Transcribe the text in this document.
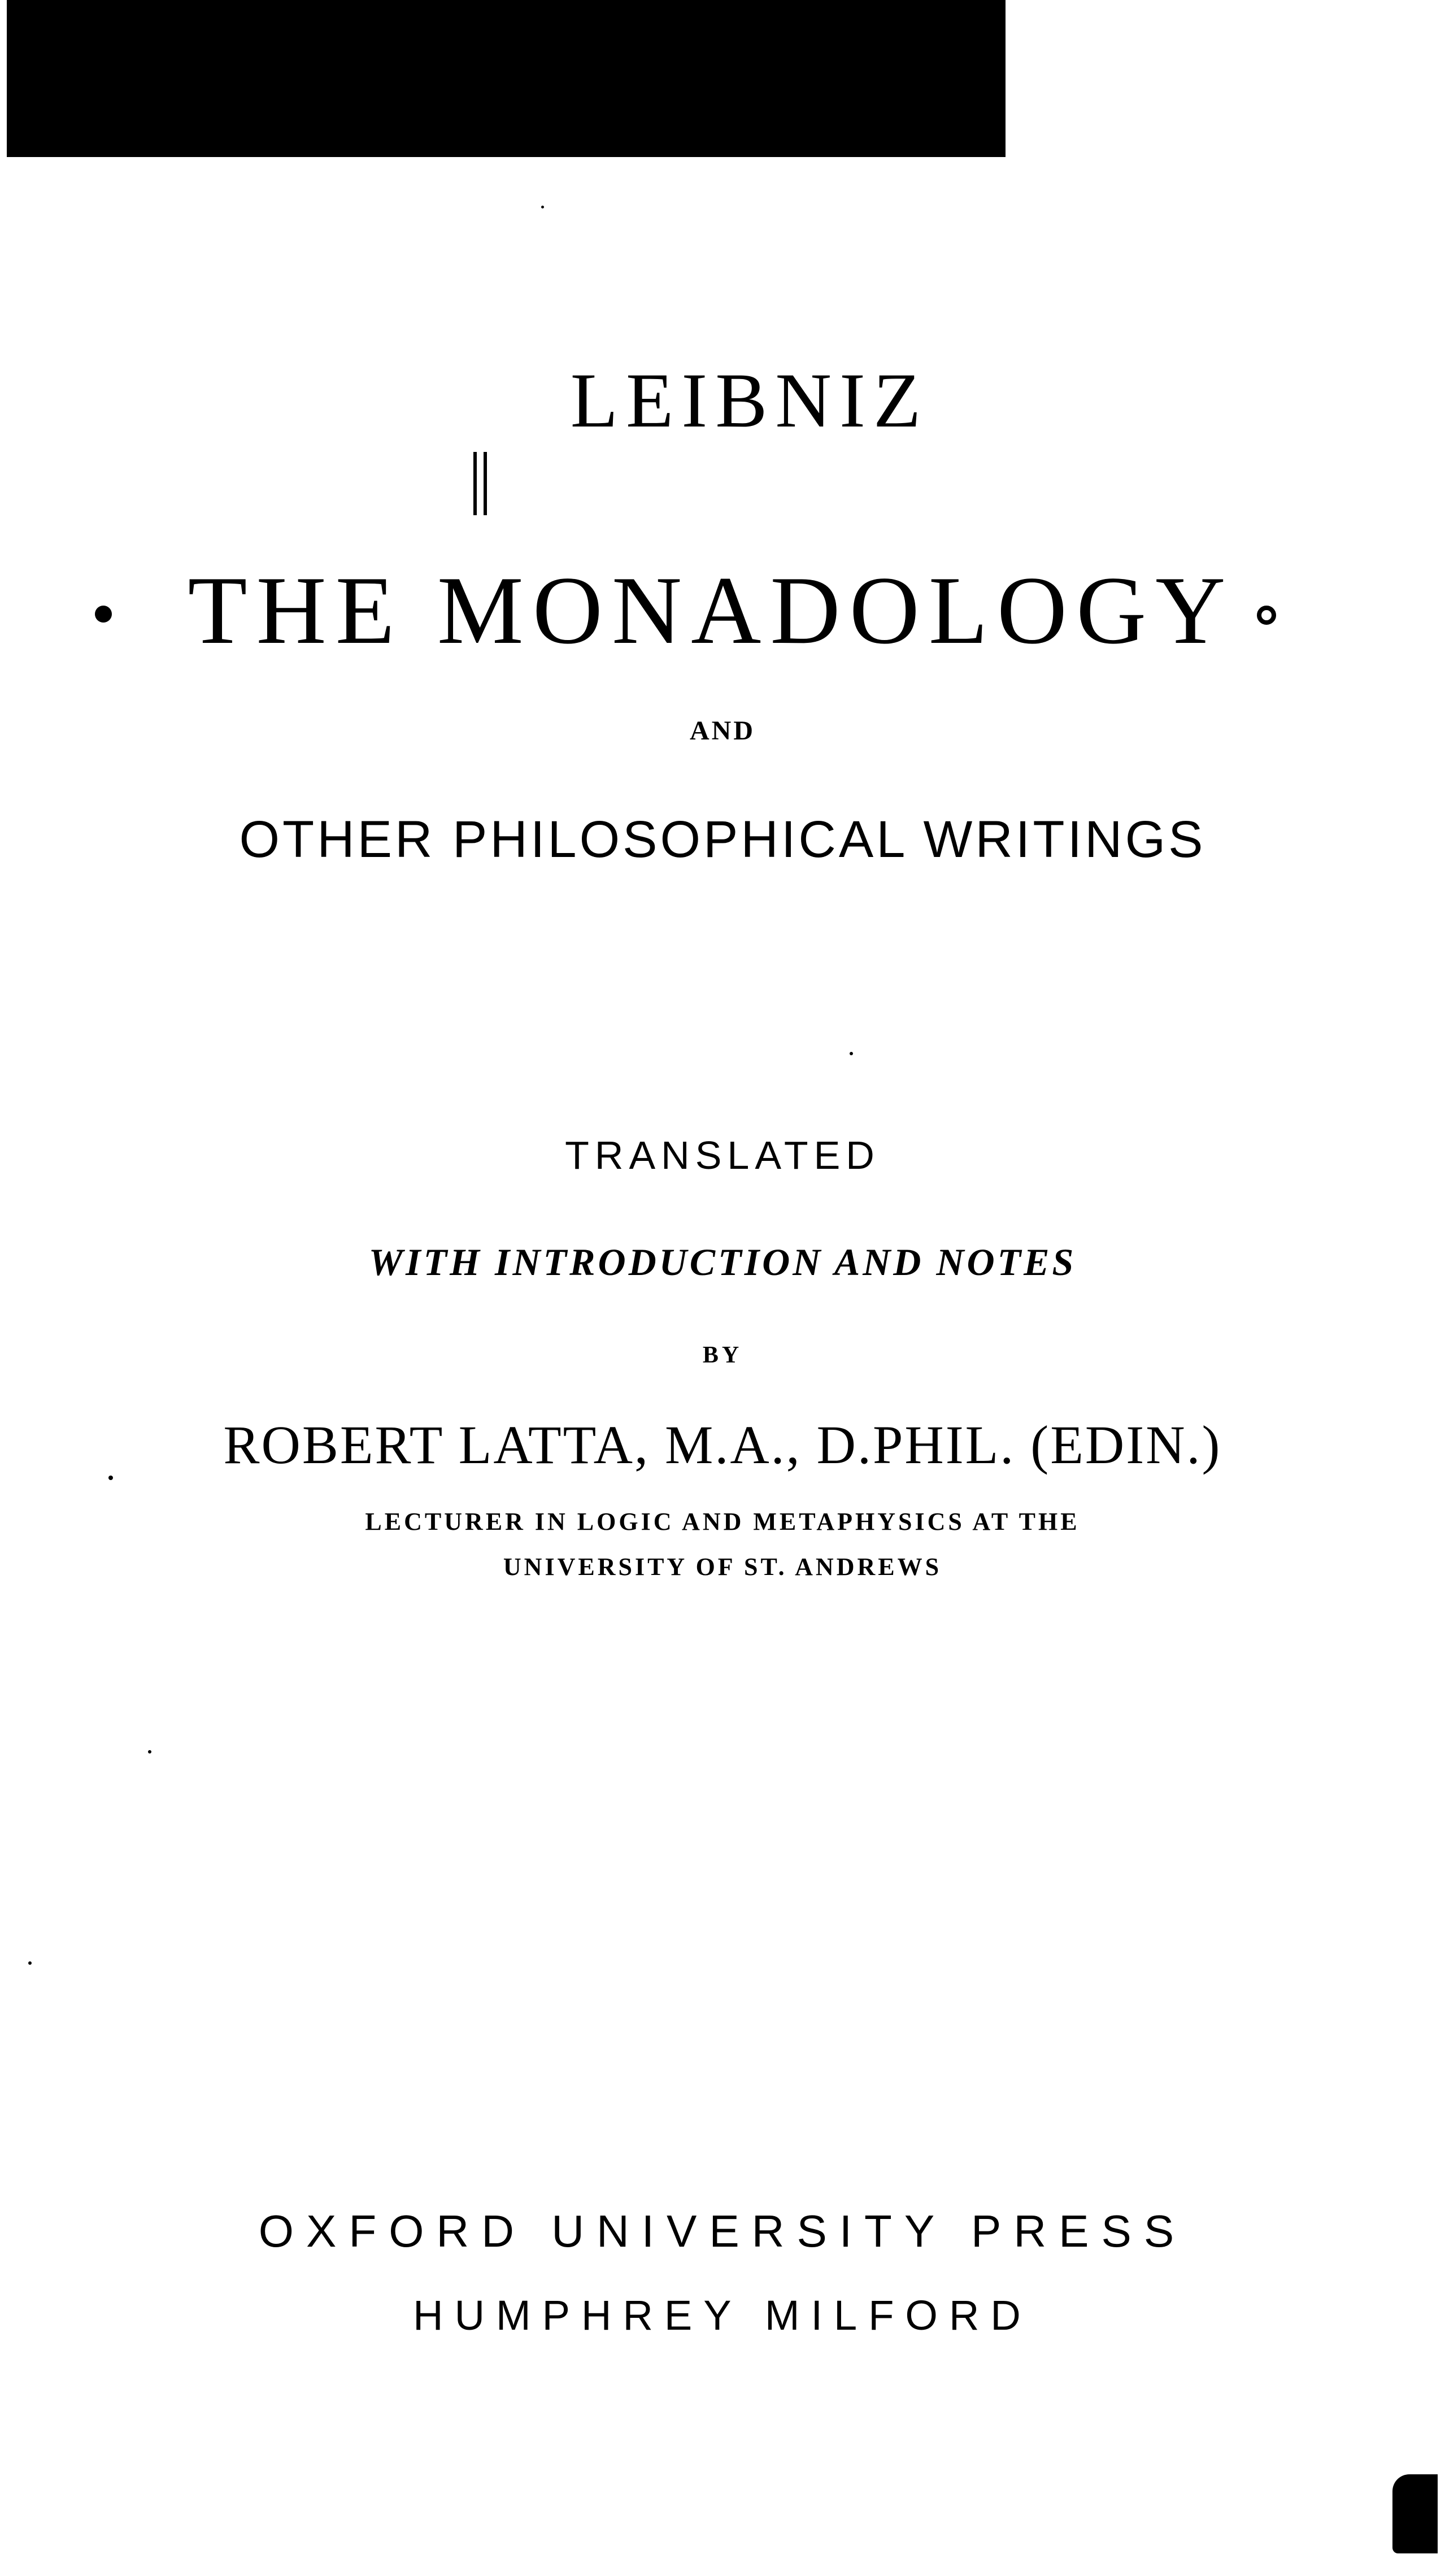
LEIBNIZ
THE MONADOLOGY
AND
OTHER PHILOSOPHICAL WRITINGS
TRANSLATED
WITH INTRODUCTION AND NOTES
BY
ROBERT LATTA, M.A., D.PHIL. (EDIN.)
LECTURER IN LOGIC AND METAPHYSICS AT THE
UNIVERSITY OF ST. ANDREWS
OXFORD UNIVERSITY PRESS
HUMPHREY MILFORD
